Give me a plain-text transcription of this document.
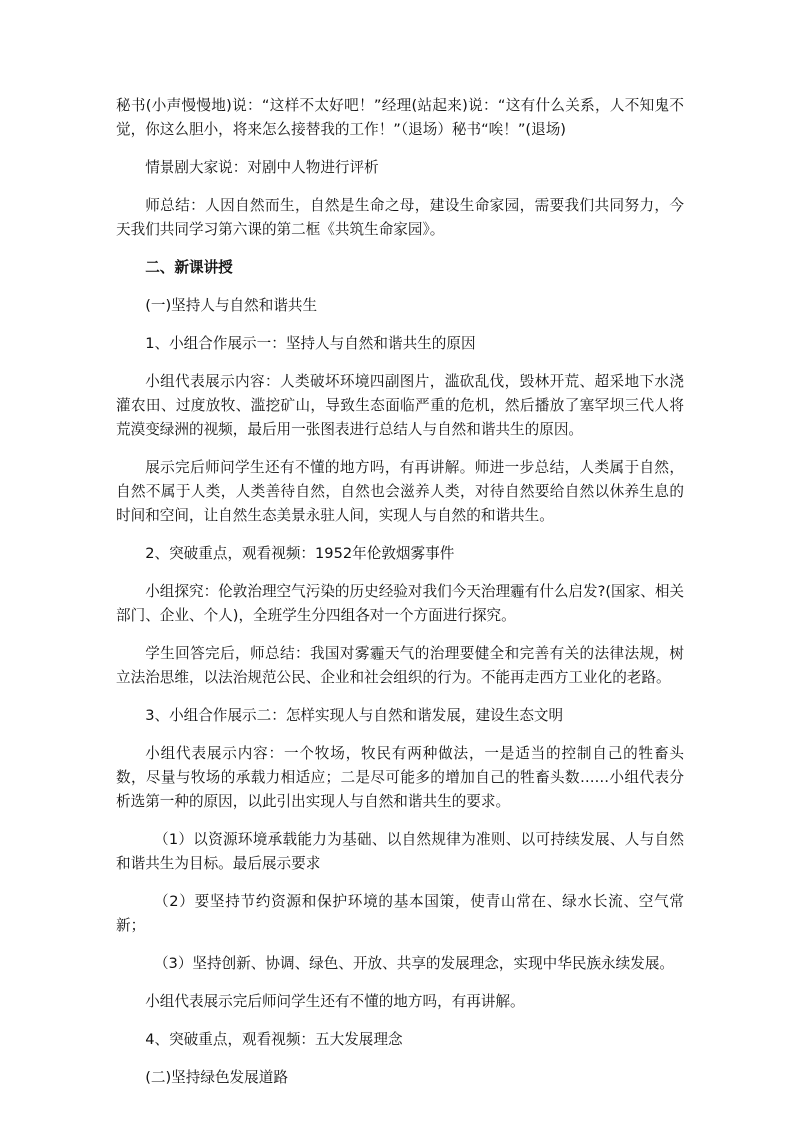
秘书(小声慢慢地)说：“这样不太好吧！”经理(站起来)说：“这有什么关系，人不知鬼不觉，你这么胆小，将来怎么接替我的工作！”（退场）秘书“唉！”(退场)

情景剧大家说：对剧中人物进行评析

师总结：人因自然而生，自然是生命之母，建设生命家园，需要我们共同努力，今天我们共同学习第六课的第二框《共筑生命家园》。

二、新课讲授

(一)坚持人与自然和谐共生

1、小组合作展示一：坚持人与自然和谐共生的原因

小组代表展示内容：人类破坏环境四副图片，滥砍乱伐，毁林开荒、超采地下水浇灌农田、过度放牧、滥挖矿山，导致生态面临严重的危机，然后播放了塞罕坝三代人将荒漠变绿洲的视频，最后用一张图表进行总结人与自然和谐共生的原因。

展示完后师问学生还有不懂的地方吗，有再讲解。师进一步总结，人类属于自然，自然不属于人类，人类善待自然，自然也会滋养人类，对待自然要给自然以休养生息的时间和空间，让自然生态美景永驻人间，实现人与自然的和谐共生。

2、突破重点，观看视频：1952年伦敦烟雾事件

小组探究：伦敦治理空气污染的历史经验对我们今天治理霾有什么启发?(国家、相关部门、企业、个人)，全班学生分四组各对一个方面进行探究。

学生回答完后，师总结：我国对雾霾天气的治理要健全和完善有关的法律法规，树立法治思维，以法治规范公民、企业和社会组织的行为。不能再走西方工业化的老路。

3、小组合作展示二：怎样实现人与自然和谐发展，建设生态文明

小组代表展示内容：一个牧场，牧民有两种做法，一是适当的控制自己的牲畜头数，尽量与牧场的承载力相适应；二是尽可能多的增加自己的牲畜头数……小组代表分析选第一种的原因，以此引出实现人与自然和谐共生的要求。

（1）以资源环境承载能力为基础、以自然规律为准则、以可持续发展、人与自然和谐共生为目标。最后展示要求

（2）要坚持节约资源和保护环境的基本国策，使青山常在、绿水长流、空气常新；

（3）坚持创新、协调、绿色、开放、共享的发展理念，实现中华民族永续发展。

小组代表展示完后师问学生还有不懂的地方吗，有再讲解。

4、突破重点，观看视频：五大发展理念

(二)坚持绿色发展道路
